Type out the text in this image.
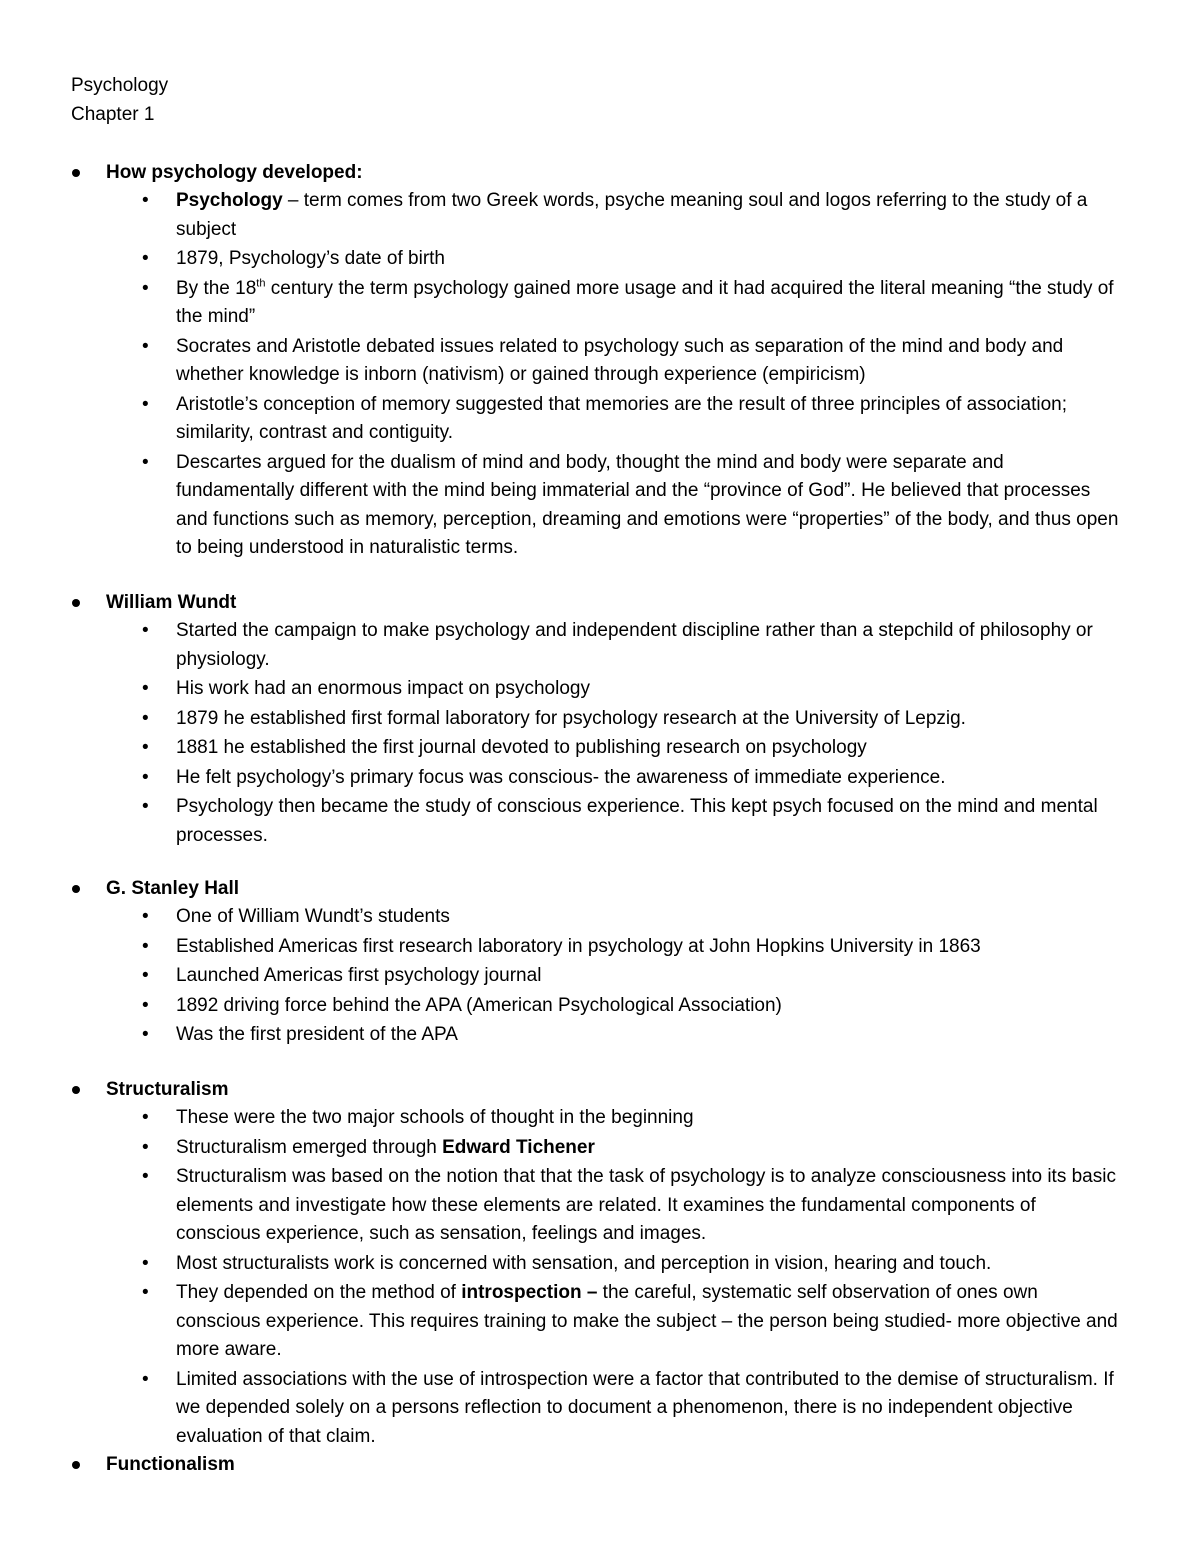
Psychology
Chapter 1
How psychology developed:
• Psychology – term comes from two Greek words, psyche meaning soul and logos referring to the study of a subject
• 1879, Psychology’s date of birth
• By the 18th century the term psychology gained more usage and it had acquired the literal meaning “the study of the mind”
• Socrates and Aristotle debated issues related to psychology such as separation of the mind and body and whether knowledge is inborn (nativism) or gained through experience (empiricism)
• Aristotle’s conception of memory suggested that memories are the result of three principles of association; similarity, contrast and contiguity.
• Descartes argued for the dualism of mind and body, thought the mind and body were separate and fundamentally different with the mind being immaterial and the “province of God”. He believed that processes and functions such as memory, perception, dreaming and emotions were “properties” of the body, and thus open to being understood in naturalistic terms.
William Wundt
• Started the campaign to make psychology and independent discipline rather than a stepchild of philosophy or physiology.
• His work had an enormous impact on psychology
• 1879 he established first formal laboratory for psychology research at the University of Lepzig.
• 1881 he established the first journal devoted to publishing research on psychology
• He felt psychology’s primary focus was conscious- the awareness of immediate experience.
• Psychology then became the study of conscious experience. This kept psych focused on the mind and mental processes.
G. Stanley Hall
• One of William Wundt’s students
• Established Americas first research laboratory in psychology at John Hopkins University in 1863
• Launched Americas first psychology journal
• 1892 driving force behind the APA (American Psychological Association)
• Was the first president of the APA
Structuralism
• These were the two major schools of thought in the beginning
• Structuralism emerged through Edward Tichener
• Structuralism was based on the notion that that the task of psychology is to analyze consciousness into its basic elements and investigate how these elements are related. It examines the fundamental components of conscious experience, such as sensation, feelings and images.
• Most structuralists work is concerned with sensation, and perception in vision, hearing and touch.
• They depended on the method of introspection – the careful, systematic self observation of ones own conscious experience. This requires training to make the subject – the person being studied- more objective and more aware.
• Limited associations with the use of introspection were a factor that contributed to the demise of structuralism. If we depended solely on a persons reflection to document a phenomenon, there is no independent objective evaluation of that claim.
Functionalism
